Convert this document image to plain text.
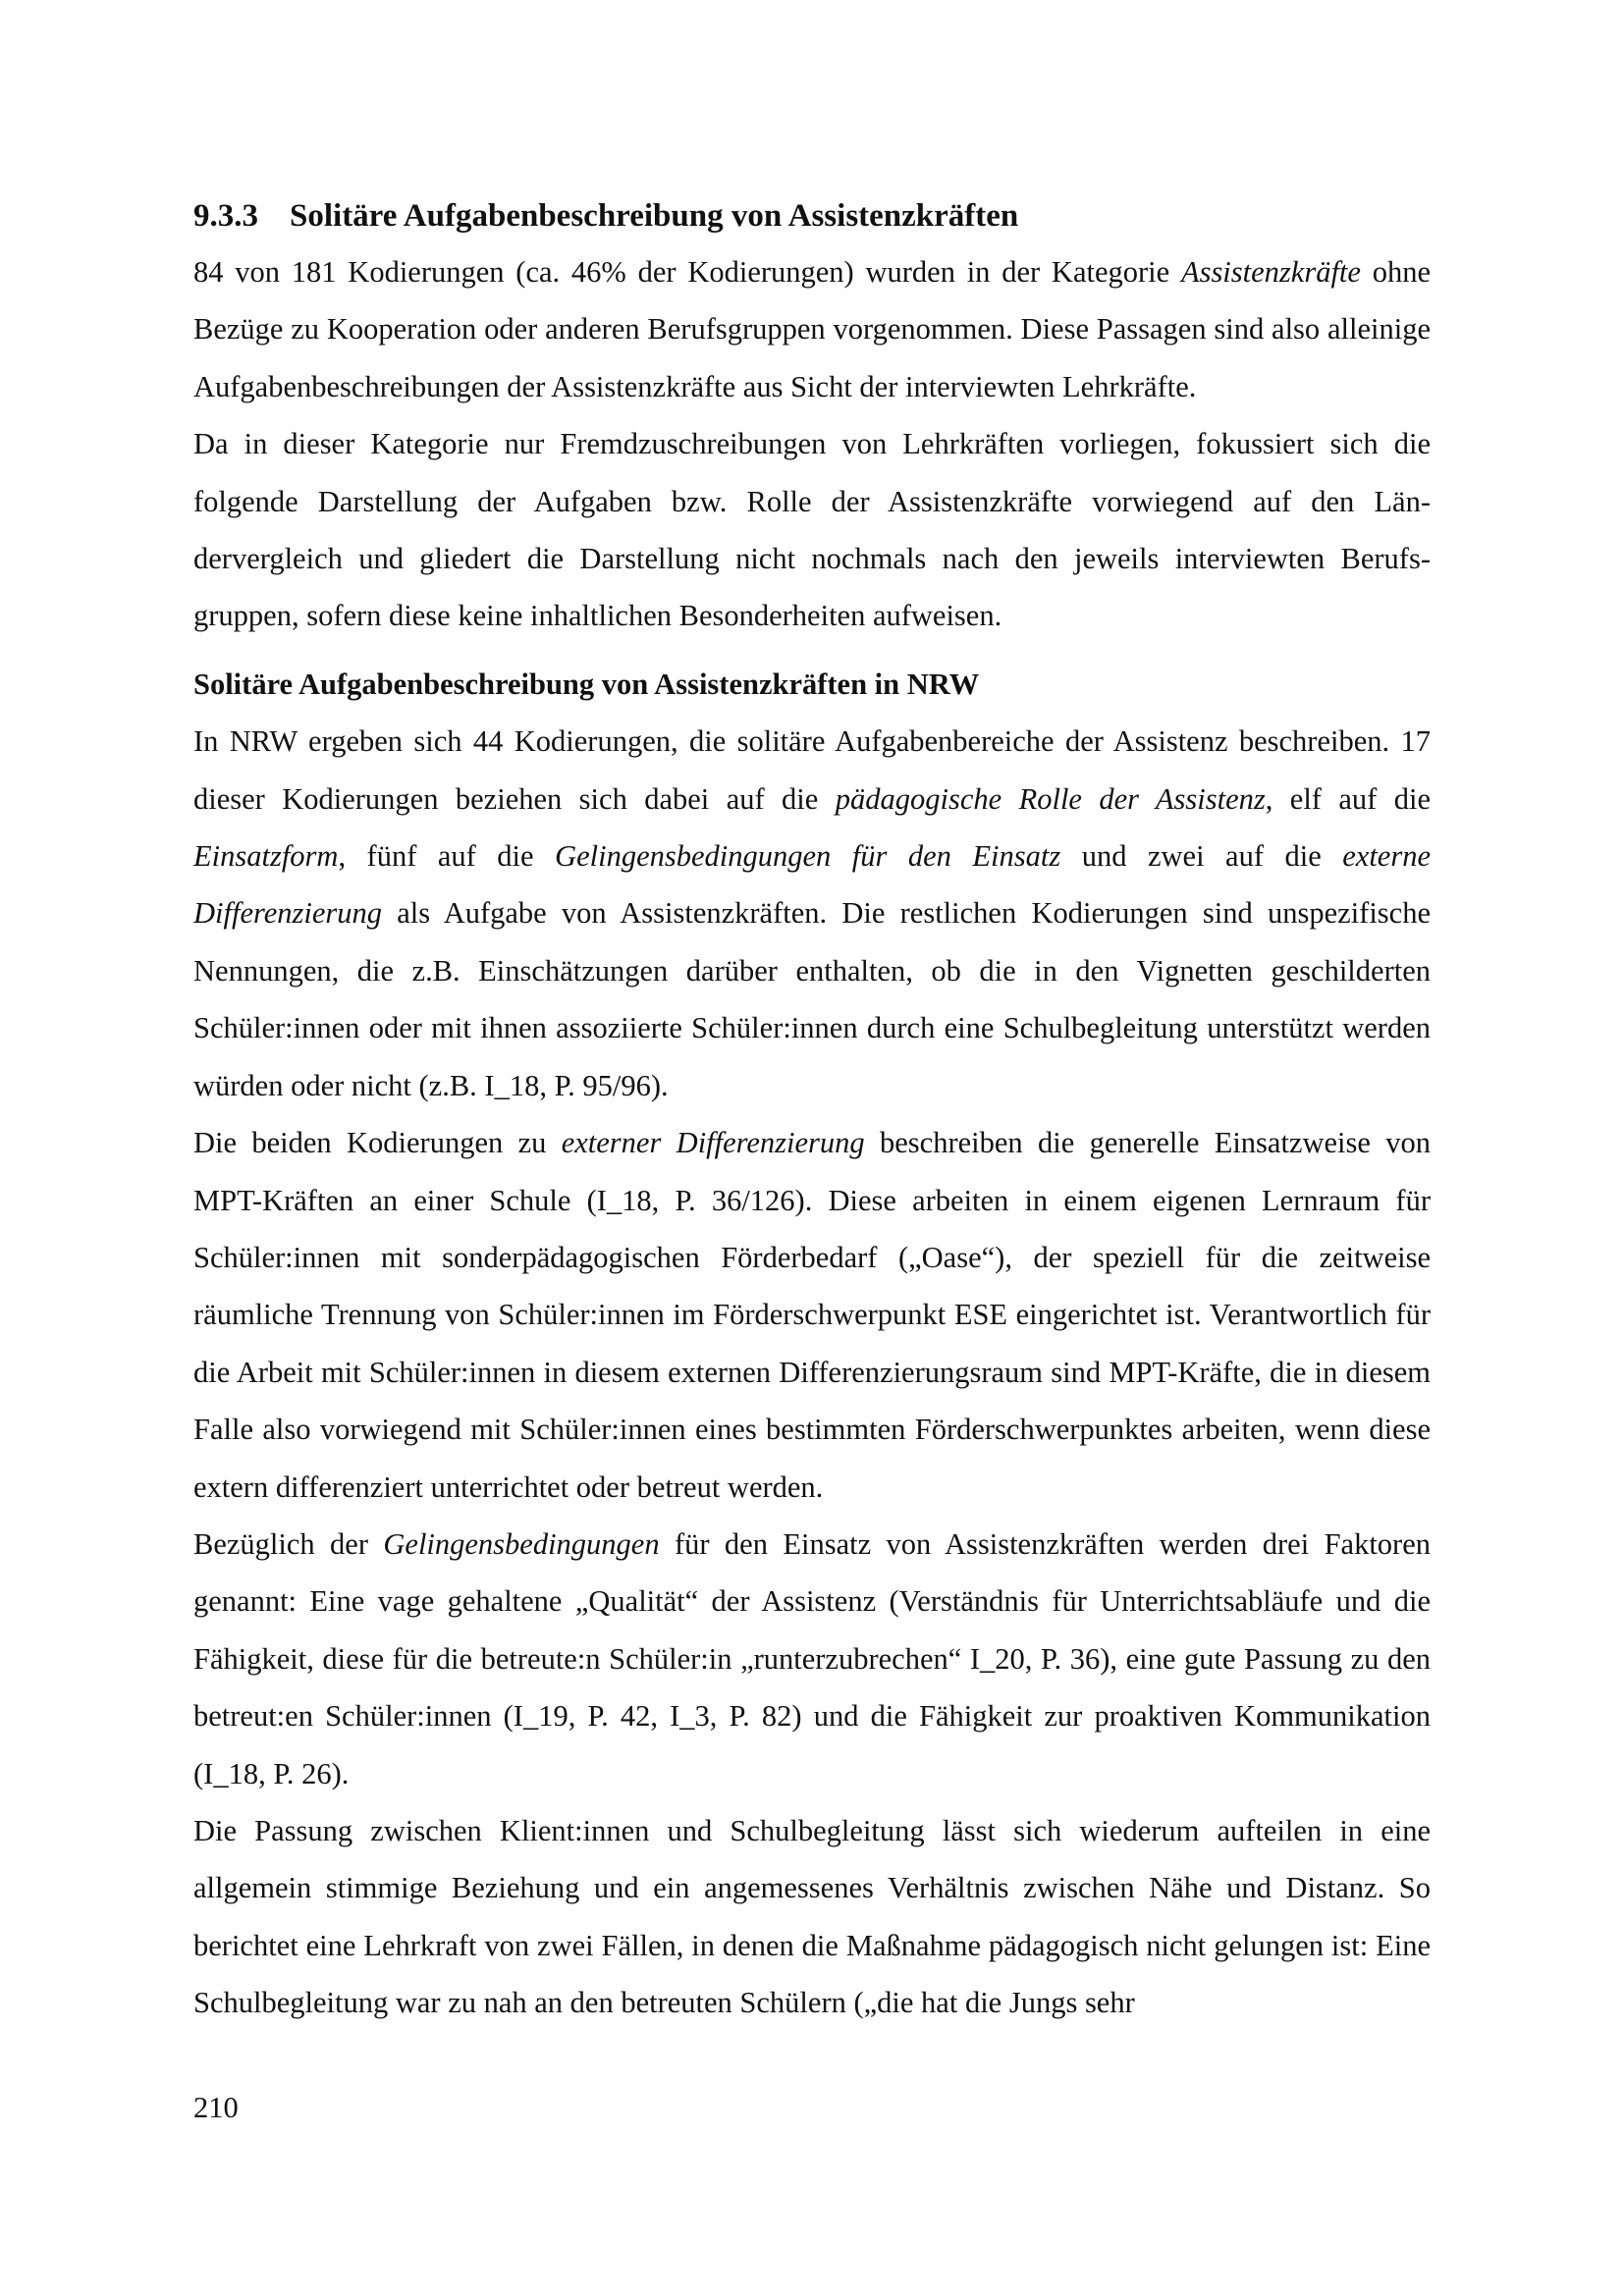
9.3.3 Solitäre Aufgabenbeschreibung von Assistenzkräften

84 von 181 Kodierungen (ca. 46% der Kodierungen) wurden in der Kategorie Assistenzkräfte ohne Bezüge zu Kooperation oder anderen Berufsgruppen vorgenommen. Diese Passagen sind also alleinige Aufgabenbeschreibungen der Assistenzkräfte aus Sicht der interviewten Lehrkräfte.

Da in dieser Kategorie nur Fremdzuschreibungen von Lehrkräften vorliegen, fokussiert sich die folgende Darstellung der Aufgaben bzw. Rolle der Assistenzkräfte vorwiegend auf den Ländervergleich und gliedert die Darstellung nicht nochmals nach den jeweils interviewten Berufsgruppen, sofern diese keine inhaltlichen Besonderheiten aufweisen.

Solitäre Aufgabenbeschreibung von Assistenzkräften in NRW

In NRW ergeben sich 44 Kodierungen, die solitäre Aufgabenbereiche der Assistenz beschreiben. 17 dieser Kodierungen beziehen sich dabei auf die pädagogische Rolle der Assistenz, elf auf die Einsatzform, fünf auf die Gelingensbedingungen für den Einsatz und zwei auf die externe Differenzierung als Aufgabe von Assistenzkräften. Die restlichen Kodierungen sind unspezifische Nennungen, die z.B. Einschätzungen darüber enthalten, ob die in den Vignetten geschilderten Schüler:innen oder mit ihnen assoziierte Schüler:innen durch eine Schulbegleitung unterstützt werden würden oder nicht (z.B. I_18, P. 95/96).

Die beiden Kodierungen zu externer Differenzierung beschreiben die generelle Einsatzweise von MPT-Kräften an einer Schule (I_18, P. 36/126). Diese arbeiten in einem eigenen Lernraum für Schüler:innen mit sonderpädagogischen Förderbedarf („Oase“), der speziell für die zeitweise räumliche Trennung von Schüler:innen im Förderschwerpunkt ESE eingerichtet ist. Verantwortlich für die Arbeit mit Schüler:innen in diesem externen Differenzierungsraum sind MPT-Kräfte, die in diesem Falle also vorwiegend mit Schüler:innen eines bestimmten Förderschwerpunktes arbeiten, wenn diese extern differenziert unterrichtet oder betreut werden.

Bezüglich der Gelingensbedingungen für den Einsatz von Assistenzkräften werden drei Faktoren genannt: Eine vage gehaltene „Qualität“ der Assistenz (Verständnis für Unterrichtsabläufe und die Fähigkeit, diese für die betreute:n Schüler:in „runterzubrechen“ I_20, P. 36), eine gute Passung zu den betreut:en Schüler:innen (I_19, P. 42, I_3, P. 82) und die Fähigkeit zur proaktiven Kommunikation (I_18, P. 26).

Die Passung zwischen Klient:innen und Schulbegleitung lässt sich wiederum aufteilen in eine allgemein stimmige Beziehung und ein angemessenes Verhältnis zwischen Nähe und Distanz. So berichtet eine Lehrkraft von zwei Fällen, in denen die Maßnahme pädagogisch nicht gelungen ist: Eine Schulbegleitung war zu nah an den betreuten Schülern („die hat die Jungs sehr

210
